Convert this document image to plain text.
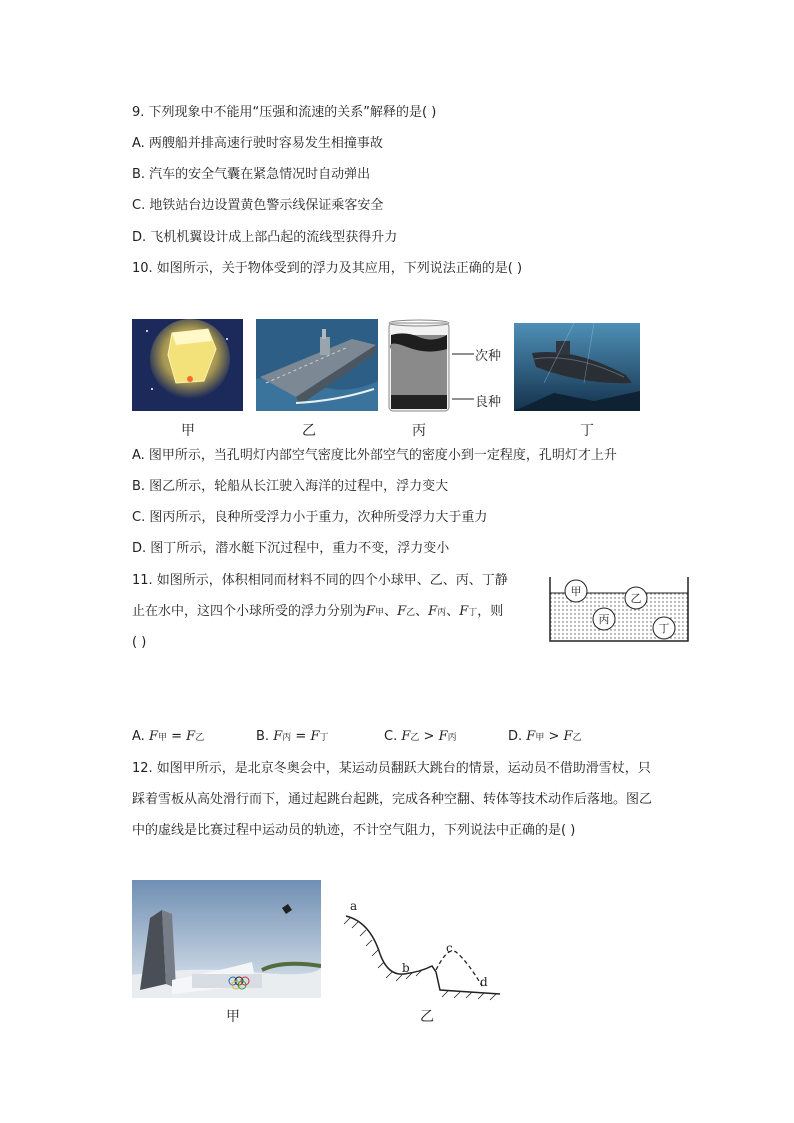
9. 下列现象中不能用“压强和流速的关系”解释的是( )
A. 两艘船并排高速行驶时容易发生相撞事故
B. 汽车的安全气囊在紧急情况时自动弹出
C. 地铁站台边设置黄色警示线保证乘客安全
D. 飞机机翼设计成上部凸起的流线型获得升力
10. 如图所示，关于物体受到的浮力及其应用，下列说法正确的是( )
次种
良种
甲	乙	丙	丁
A. 图甲所示，当孔明灯内部空气密度比外部空气的密度小到一定程度，孔明灯才上升
B. 图乙所示，轮船从长江驶入海洋的过程中，浮力变大
C. 图丙所示，良种所受浮力小于重力，次种所受浮力大于重力
D. 图丁所示，潜水艇下沉过程中，重力不变，浮力变小
11. 如图所示，体积相同而材料不同的四个小球甲、乙、丙、丁静
止在水中，这四个小球所受的浮力分别为F甲、F乙、F丙、F丁，则
( )
甲
乙
丙
丁
A. F甲 = F乙	B. F丙 = F丁	C. F乙 > F丙	D. F甲 > F乙
12. 如图甲所示，是北京冬奥会中，某运动员翻跃大跳台的情景，运动员不借助滑雪杖，只
踩着雪板从高处滑行而下，通过起跳台起跳，完成各种空翻、转体等技术动作后落地。图乙
中的虚线是比赛过程中运动员的轨迹，不计空气阻力，下列说法中正确的是( )
a
b
c
d
甲	乙
